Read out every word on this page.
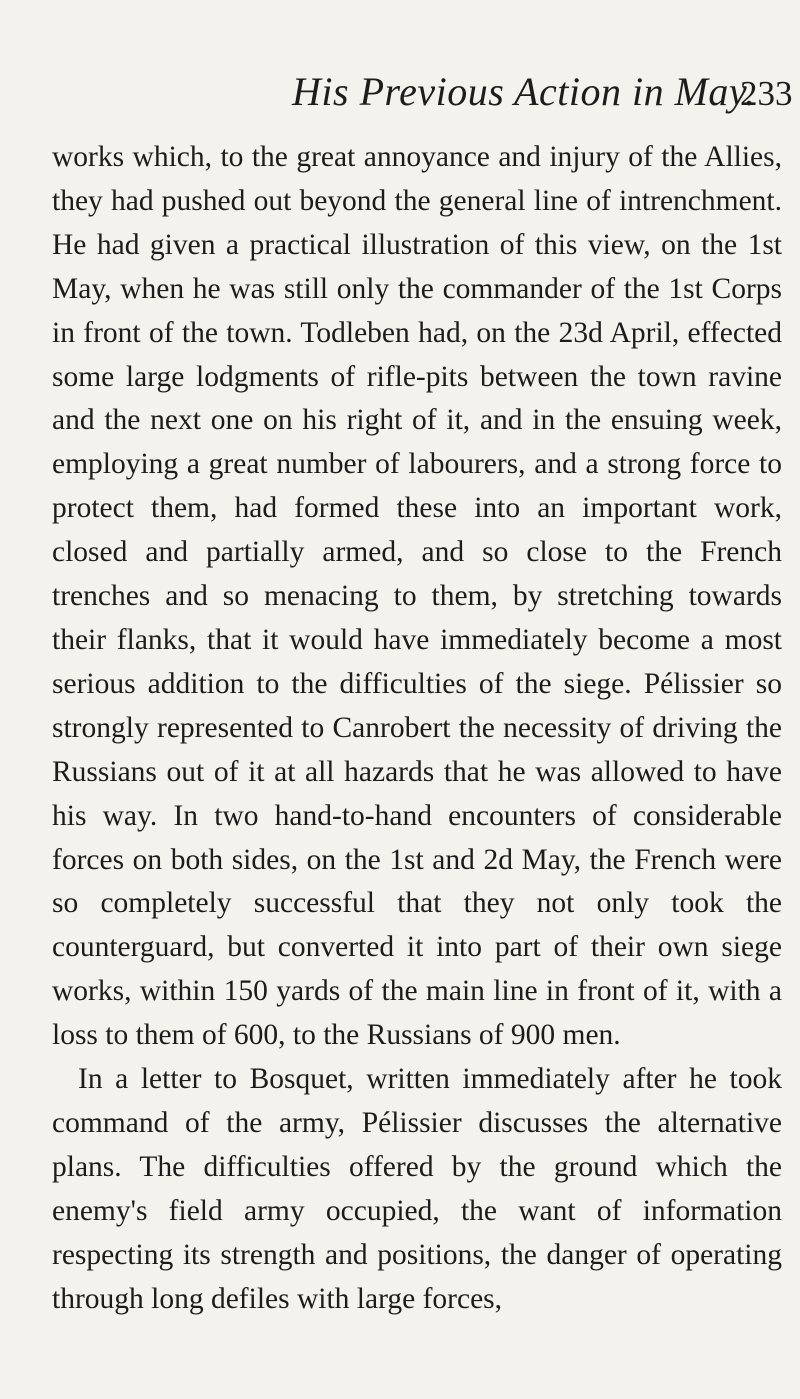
His Previous Action in May.
233

works which, to the great annoyance and injury of the Allies, they had pushed out beyond the general line of intrenchment. He had given a practical illustration of this view, on the 1st May, when he was still only the commander of the 1st Corps in front of the town. Todleben had, on the 23d April, effected some large lodgments of rifle-pits between the town ravine and the next one on his right of it, and in the ensuing week, employing a great number of labourers, and a strong force to protect them, had formed these into an important work, closed and partially armed, and so close to the French trenches and so menacing to them, by stretching towards their flanks, that it would have immediately become a most serious addition to the difficulties of the siege. Pélissier so strongly represented to Canrobert the necessity of driving the Russians out of it at all hazards that he was allowed to have his way. In two hand-to-hand encounters of considerable forces on both sides, on the 1st and 2d May, the French were so completely successful that they not only took the counterguard, but converted it into part of their own siege works, within 150 yards of the main line in front of it, with a loss to them of 600, to the Russians of 900 men.

In a letter to Bosquet, written immediately after he took command of the army, Pélissier discusses the alternative plans. The difficulties offered by the ground which the enemy's field army occupied, the want of information respecting its strength and positions, the danger of operating through long defiles with large forces,
